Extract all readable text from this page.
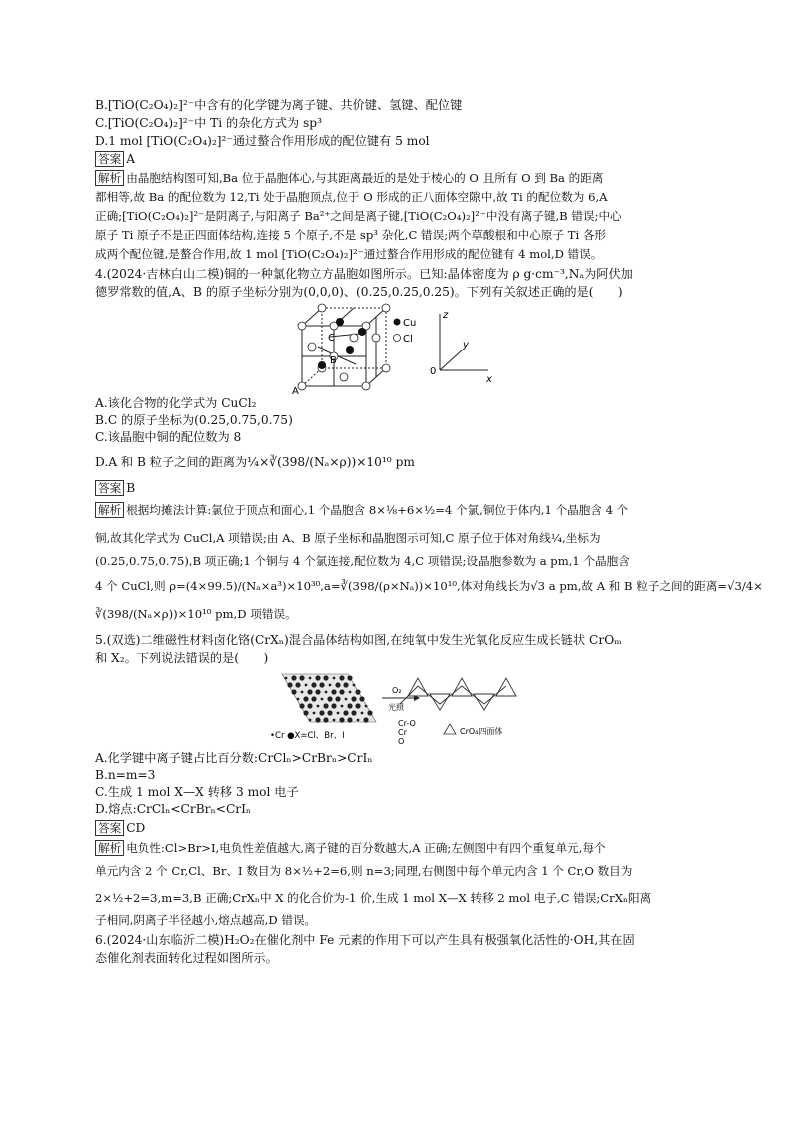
B.[TiO(C₂O₄)₂]²⁻中含有的化学键为离子键、共价键、氢键、配位键
C.[TiO(C₂O₄)₂]²⁻中 Ti 的杂化方式为 sp³
D.1 mol [TiO(C₂O₄)₂]²⁻通过螯合作用形成的配位键有 5 mol
答案 A
解析 由晶胞结构图可知,Ba 位于晶胞体心,与其距离最近的是处于棱心的 O 且所有 O 到 Ba 的距离
都相等,故 Ba 的配位数为 12,Ti 处于晶胞顶点,位于 O 形成的正八面体空隙中,故 Ti 的配位数为 6,A
正确;[TiO(C₂O₄)₂]²⁻是阴离子,与阳离子 Ba²⁺之间是离子键,[TiO(C₂O₄)₂]²⁻中没有离子键,B 错误;中心
原子 Ti 原子不是正四面体结构,连接 5 个原子,不是 sp³ 杂化,C 错误;两个草酸根和中心原子 Ti 各形
成两个配位键,是螯合作用,故 1 mol [TiO(C₂O₄)₂]²⁻通过螯合作用形成的配位键有 4 mol,D 错误。
4.(2024·吉林白山二模)铜的一种氯化物立方晶胞如图所示。已知:晶体密度为 ρ g·cm⁻³,Nₐ为阿伏加
德罗常数的值,A、B 的原子坐标分别为(0,0,0)、(0.25,0.25,0.25)。下列有关叙述正确的是(　　)
A
B
C
Cu
Cl
z
y
x
0
A.该化合物的化学式为 CuCl₂
B.C 的原子坐标为(0.25,0.75,0.75)
C.该晶胞中铜的配位数为 8
D.A 和 B 粒子之间的距离为¼×∛(398/(Nₐ×ρ))×10¹⁰ pm
答案 B
解析 根据均摊法计算:氯位于顶点和面心,1 个晶胞含 8×⅛+6×½=4 个氯,铜位于体内,1 个晶胞含 4 个
铜,故其化学式为 CuCl,A 项错误;由 A、B 原子坐标和晶胞图示可知,C 原子位于体对角线¼,坐标为
(0.25,0.75,0.75),B 项正确;1 个铜与 4 个氯连接,配位数为 4,C 项错误;设晶胞参数为 a pm,1 个晶胞含
4 个 CuCl,则 ρ=(4×99.5)/(Nₐ×a³)×10³⁰,a=∛(398/(ρ×Nₐ))×10¹⁰,体对角线长为√3 a pm,故 A 和 B 粒子之间的距离=√3/4×
∛(398/(Nₐ×ρ))×10¹⁰ pm,D 项错误。
5.(双选)二维磁性材料卤化铬(CrXₙ)混合晶体结构如图,在纯氧中发生光氧化反应生成长链状 CrOₘ
和 X₂。下列说法错误的是(　　)
•Cr ●X=Cl、Br、I
O₂
光照
Cr-O
Cr
O
CrO₄四面体
A.化学键中离子键占比百分数:CrClₙ>CrBrₙ>CrIₙ
B.n=m=3
C.生成 1 mol X—X 转移 3 mol 电子
D.熔点:CrClₙ<CrBrₙ<CrIₙ
答案 CD
解析 电负性:Cl>Br>I,电负性差值越大,离子键的百分数越大,A 正确;左侧图中有四个重复单元,每个
单元内含 2 个 Cr,Cl、Br、I 数目为 8×½+2=6,则 n=3;同理,右侧图中每个单元内含 1 个 Cr,O 数目为
2×½+2=3,m=3,B 正确;CrXₙ中 X 的化合价为-1 价,生成 1 mol X—X 转移 2 mol 电子,C 错误;CrXₙ阳离
子相同,阴离子半径越小,熔点越高,D 错误。
6.(2024·山东临沂二模)H₂O₂在催化剂中 Fe 元素的作用下可以产生具有极强氧化活性的·OH,其在固
态催化剂表面转化过程如图所示。
